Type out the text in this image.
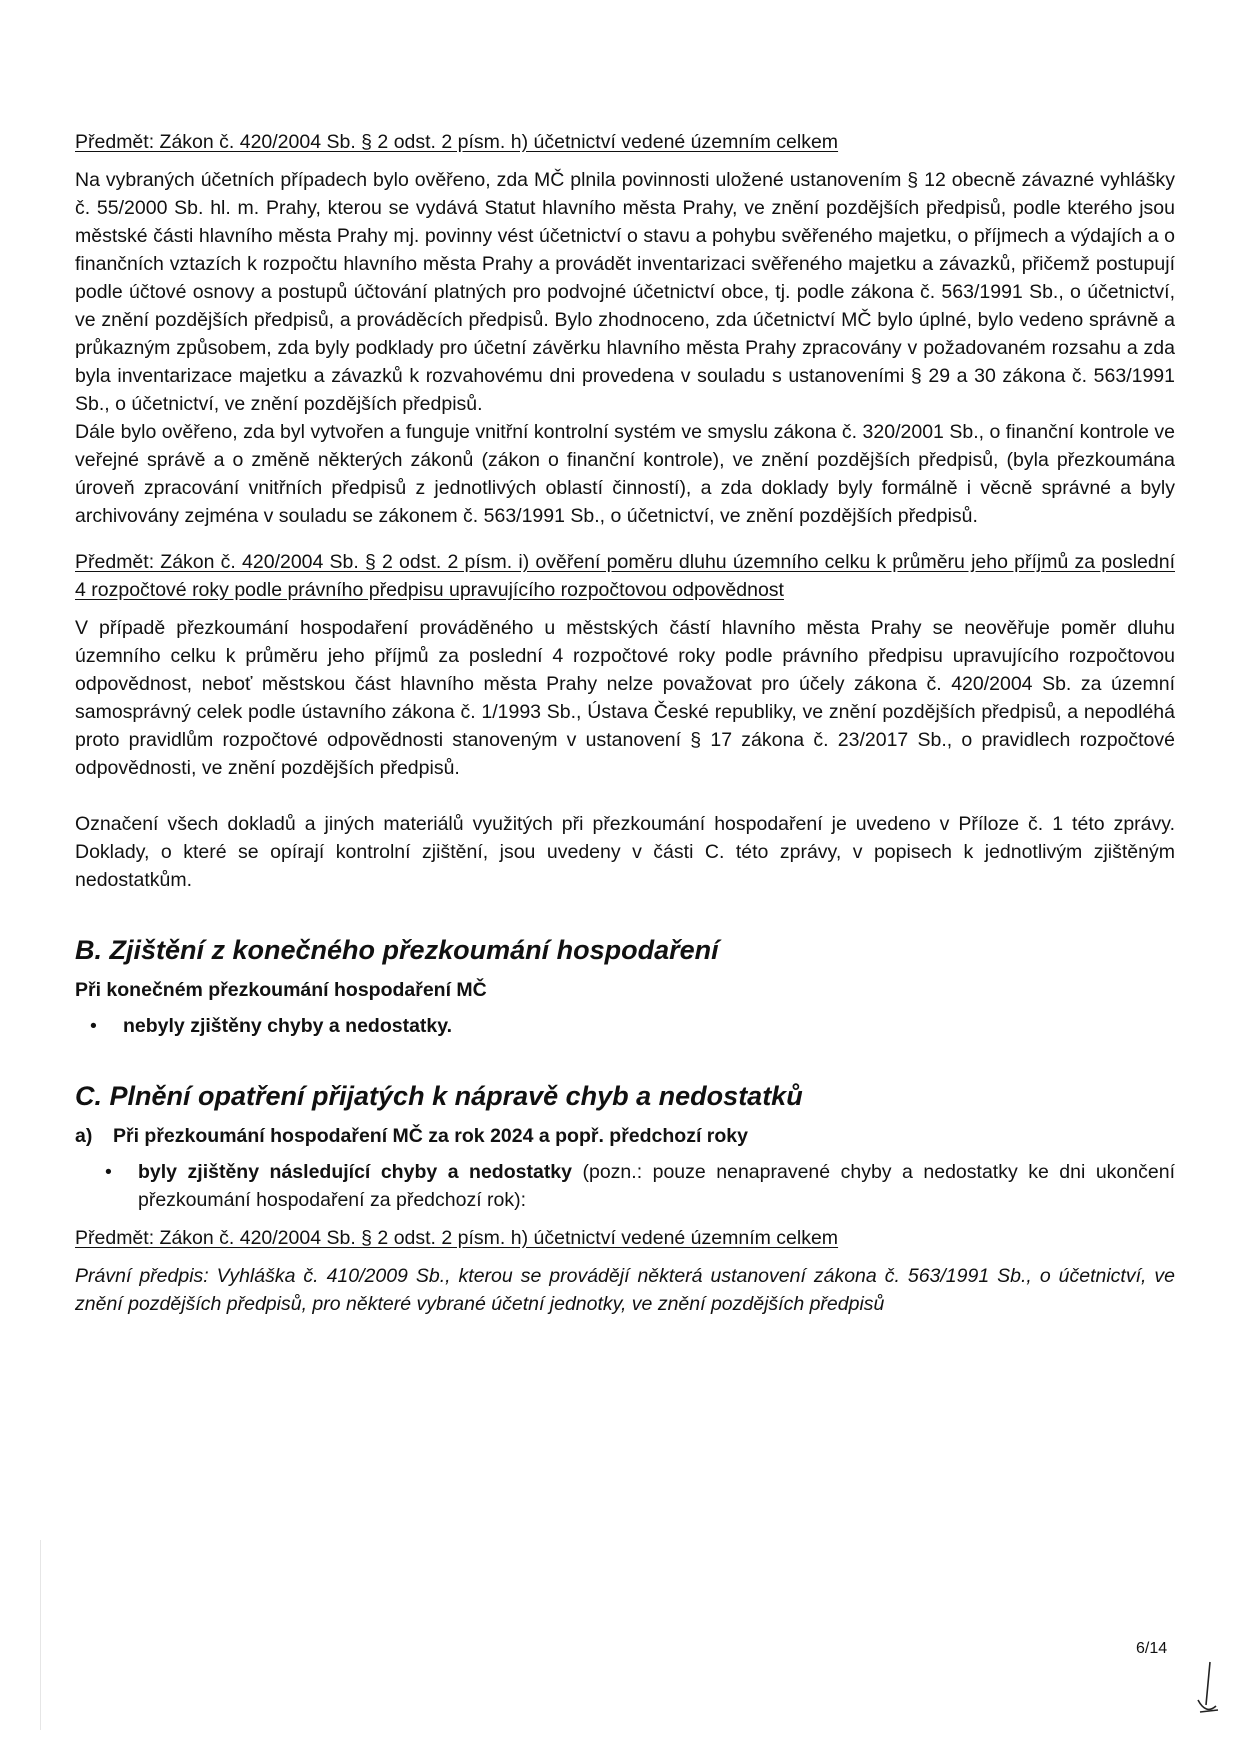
Předmět: Zákon č. 420/2004 Sb. § 2 odst. 2 písm. h) účetnictví vedené územním celkem

Na vybraných účetních případech bylo ověřeno, zda MČ plnila povinnosti uložené ustanovením § 12 obecně závazné vyhlášky č. 55/2000 Sb. hl. m. Prahy, kterou se vydává Statut hlavního města Prahy, ve znění pozdějších předpisů, podle kterého jsou městské části hlavního města Prahy mj. povinny vést účetnictví o stavu a pohybu svěřeného majetku, o příjmech a výdajích a o finančních vztazích k rozpočtu hlavního města Prahy a provádět inventarizaci svěřeného majetku a závazků, přičemž postupují podle účtové osnovy a postupů účtování platných pro podvojné účetnictví obce, tj. podle zákona č. 563/1991 Sb., o účetnictví, ve znění pozdějších předpisů, a prováděcích předpisů. Bylo zhodnoceno, zda účetnictví MČ bylo úplné, bylo vedeno správně a průkazným způsobem, zda byly podklady pro účetní závěrku hlavního města Prahy zpracovány v požadovaném rozsahu a zda byla inventarizace majetku a závazků k rozvahovému dni provedena v souladu s ustanoveními § 29 a 30 zákona č. 563/1991 Sb., o účetnictví, ve znění pozdějších předpisů.

Dále bylo ověřeno, zda byl vytvořen a funguje vnitřní kontrolní systém ve smyslu zákona č. 320/2001 Sb., o finanční kontrole ve veřejné správě a o změně některých zákonů (zákon o finanční kontrole), ve znění pozdějších předpisů, (byla přezkoumána úroveň zpracování vnitřních předpisů z jednotlivých oblastí činností), a zda doklady byly formálně i věcně správné a byly archivovány zejména v souladu se zákonem č. 563/1991 Sb., o účetnictví, ve znění pozdějších předpisů.

Předmět: Zákon č. 420/2004 Sb. § 2 odst. 2 písm. i) ověření poměru dluhu územního celku k průměru jeho příjmů za poslední 4 rozpočtové roky podle právního předpisu upravujícího rozpočtovou odpovědnost

V případě přezkoumání hospodaření prováděného u městských částí hlavního města Prahy se neověřuje poměr dluhu územního celku k průměru jeho příjmů za poslední 4 rozpočtové roky podle právního předpisu upravujícího rozpočtovou odpovědnost, neboť městskou část hlavního města Prahy nelze považovat pro účely zákona č. 420/2004 Sb. za územní samosprávný celek podle ústavního zákona č. 1/1993 Sb., Ústava České republiky, ve znění pozdějších předpisů, a nepodléhá proto pravidlům rozpočtové odpovědnosti stanoveným v ustanovení § 17 zákona č. 23/2017 Sb., o pravidlech rozpočtové odpovědnosti, ve znění pozdějších předpisů.

Označení všech dokladů a jiných materiálů využitých při přezkoumání hospodaření je uvedeno v Příloze č. 1 této zprávy. Doklady, o které se opírají kontrolní zjištění, jsou uvedeny v části C. této zprávy, v popisech k jednotlivým zjištěným nedostatkům.

B. Zjištění z konečného přezkoumání hospodaření

Při konečném přezkoumání hospodaření MČ

• nebyly zjištěny chyby a nedostatky.
C. Plnění opatření přijatých k nápravě chyb a nedostatků
a)	Při přezkoumání hospodaření MČ za rok 2024 a popř. předchozí roky
• byly zjištěny následující chyby a nedostatky (pozn.: pouze nenapravené chyby a nedostatky ke dni ukončení přezkoumání hospodaření za předchozí rok):

Předmět: Zákon č. 420/2004 Sb. § 2 odst. 2 písm. h) účetnictví vedené územním celkem

Právní předpis: Vyhláška č. 410/2009 Sb., kterou se provádějí některá ustanovení zákona č. 563/1991 Sb., o účetnictví, ve znění pozdějších předpisů, pro některé vybrané účetní jednotky, ve znění pozdějších předpisů

6/14
